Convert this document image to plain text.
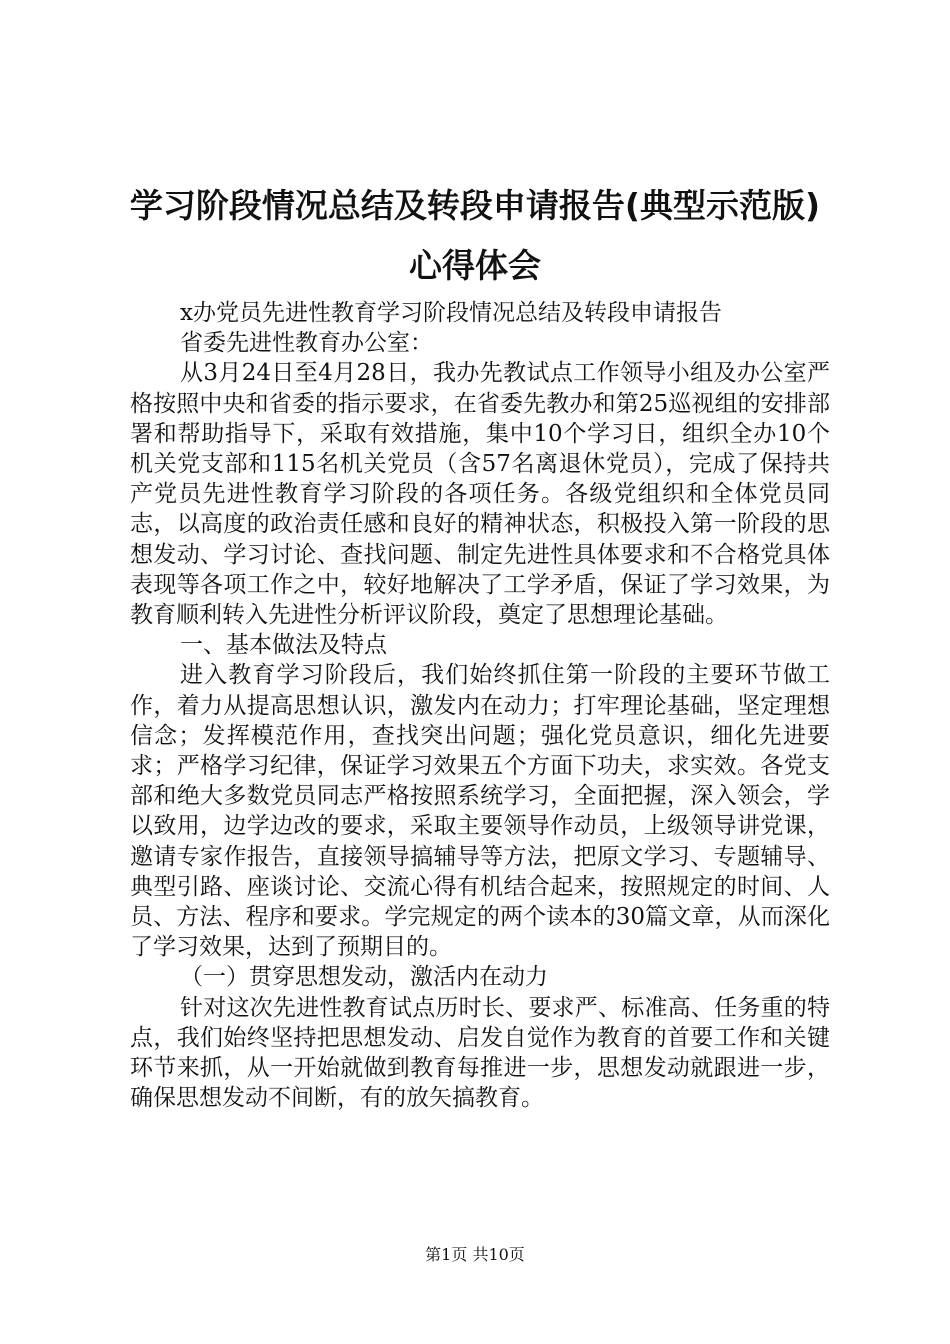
学习阶段情况总结及转段申请报告(典型示范版)心得体会

x办党员先进性教育学习阶段情况总结及转段申请报告

省委先进性教育办公室：

从3月24日至4月28日，我办先教试点工作领导小组及办公室严格按照中央和省委的指示要求，在省委先教办和第25巡视组的安排部署和帮助指导下，采取有效措施，集中10个学习日，组织全办10个机关党支部和115名机关党员（含57名离退休党员），完成了保持共产党员先进性教育学习阶段的各项任务。各级党组织和全体党员同志，以高度的政治责任感和良好的精神状态，积极投入第一阶段的思想发动、学习讨论、查找问题、制定先进性具体要求和不合格党具体表现等各项工作之中，较好地解决了工学矛盾，保证了学习效果，为教育顺利转入先进性分析评议阶段，奠定了思想理论基础。

一、基本做法及特点

进入教育学习阶段后，我们始终抓住第一阶段的主要环节做工作，着力从提高思想认识，激发内在动力；打牢理论基础，坚定理想信念；发挥模范作用，查找突出问题；强化党员意识，细化先进要求；严格学习纪律，保证学习效果五个方面下功夫，求实效。各党支部和绝大多数党员同志严格按照系统学习，全面把握，深入领会，学以致用，边学边改的要求，采取主要领导作动员，上级领导讲党课，邀请专家作报告，直接领导搞辅导等方法，把原文学习、专题辅导、典型引路、座谈讨论、交流心得有机结合起来，按照规定的时间、人员、方法、程序和要求。学完规定的两个读本的30篇文章，从而深化了学习效果，达到了预期目的。

（一）贯穿思想发动，激活内在动力

针对这次先进性教育试点历时长、要求严、标准高、任务重的特点，我们始终坚持把思想发动、启发自觉作为教育的首要工作和关键环节来抓，从一开始就做到教育每推进一步，思想发动就跟进一步，确保思想发动不间断，有的放矢搞教育。

第1页 共10页
